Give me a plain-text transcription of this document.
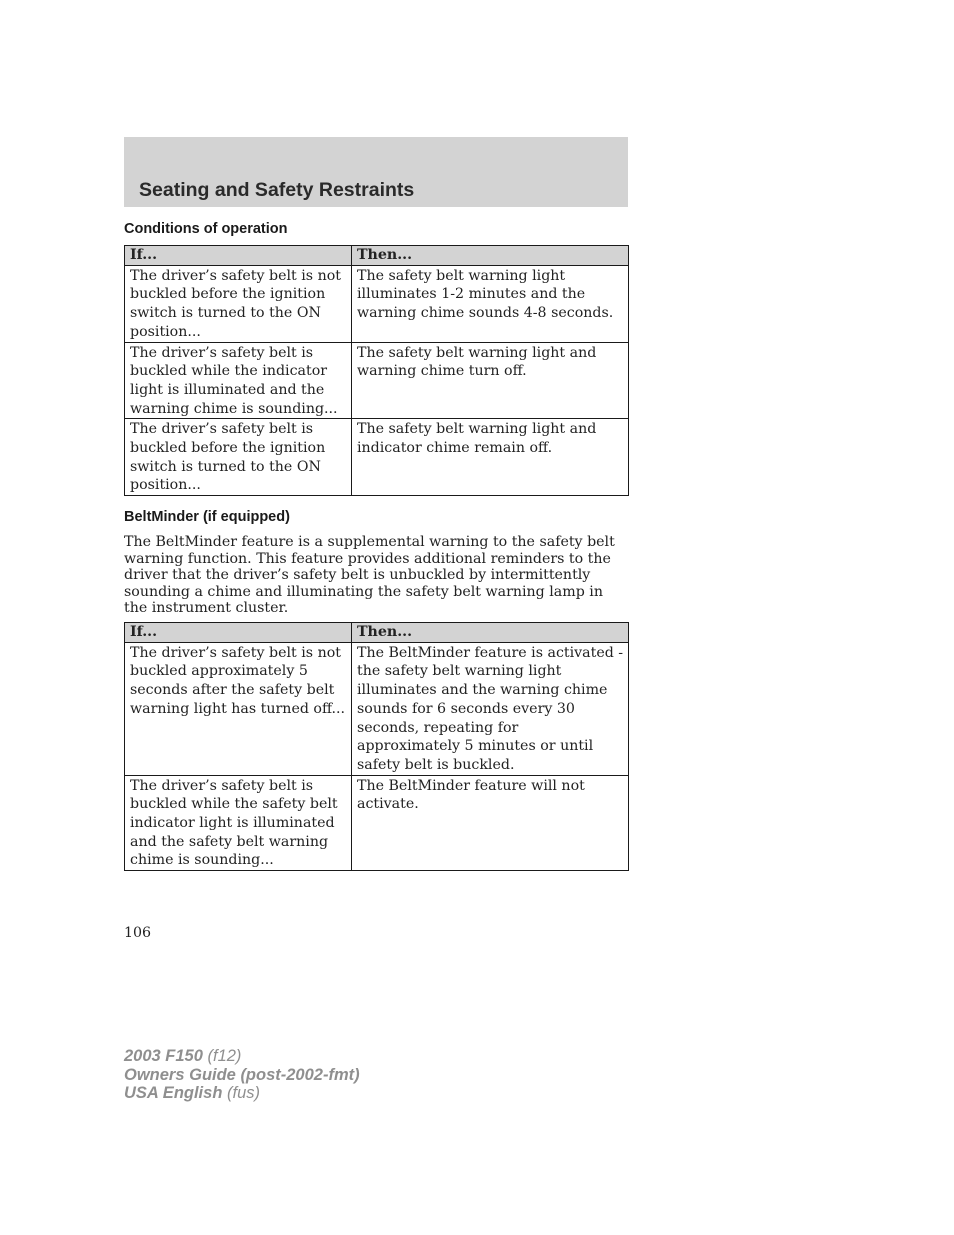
Seating and Safety Restraints
Conditions of operation
If...	Then...
The driver’s safety belt is not buckled before the ignition switch is turned to the ON position...	The safety belt warning light illuminates 1-2 minutes and the warning chime sounds 4-8 seconds.
The driver’s safety belt is buckled while the indicator light is illuminated and the warning chime is sounding...	The safety belt warning light and warning chime turn off.
The driver’s safety belt is buckled before the ignition switch is turned to the ON position...	The safety belt warning light and indicator chime remain off.
BeltMinder (if equipped)

The BeltMinder feature is a supplemental warning to the safety belt warning function. This feature provides additional reminders to the driver that the driver’s safety belt is unbuckled by intermittently sounding a chime and illuminating the safety belt warning lamp in the instrument cluster.

If...	Then...
The driver’s safety belt is not buckled approximately 5 seconds after the safety belt warning light has turned off...	The BeltMinder feature is activated - the safety belt warning light illuminates and the warning chime sounds for 6 seconds every 30 seconds, repeating for approximately 5 minutes or until safety belt is buckled.
The driver’s safety belt is buckled while the safety belt indicator light is illuminated and the safety belt warning chime is sounding...	The BeltMinder feature will not activate.
106
2003 F150 (f12)
Owners Guide (post-2002-fmt)
USA English (fus)
